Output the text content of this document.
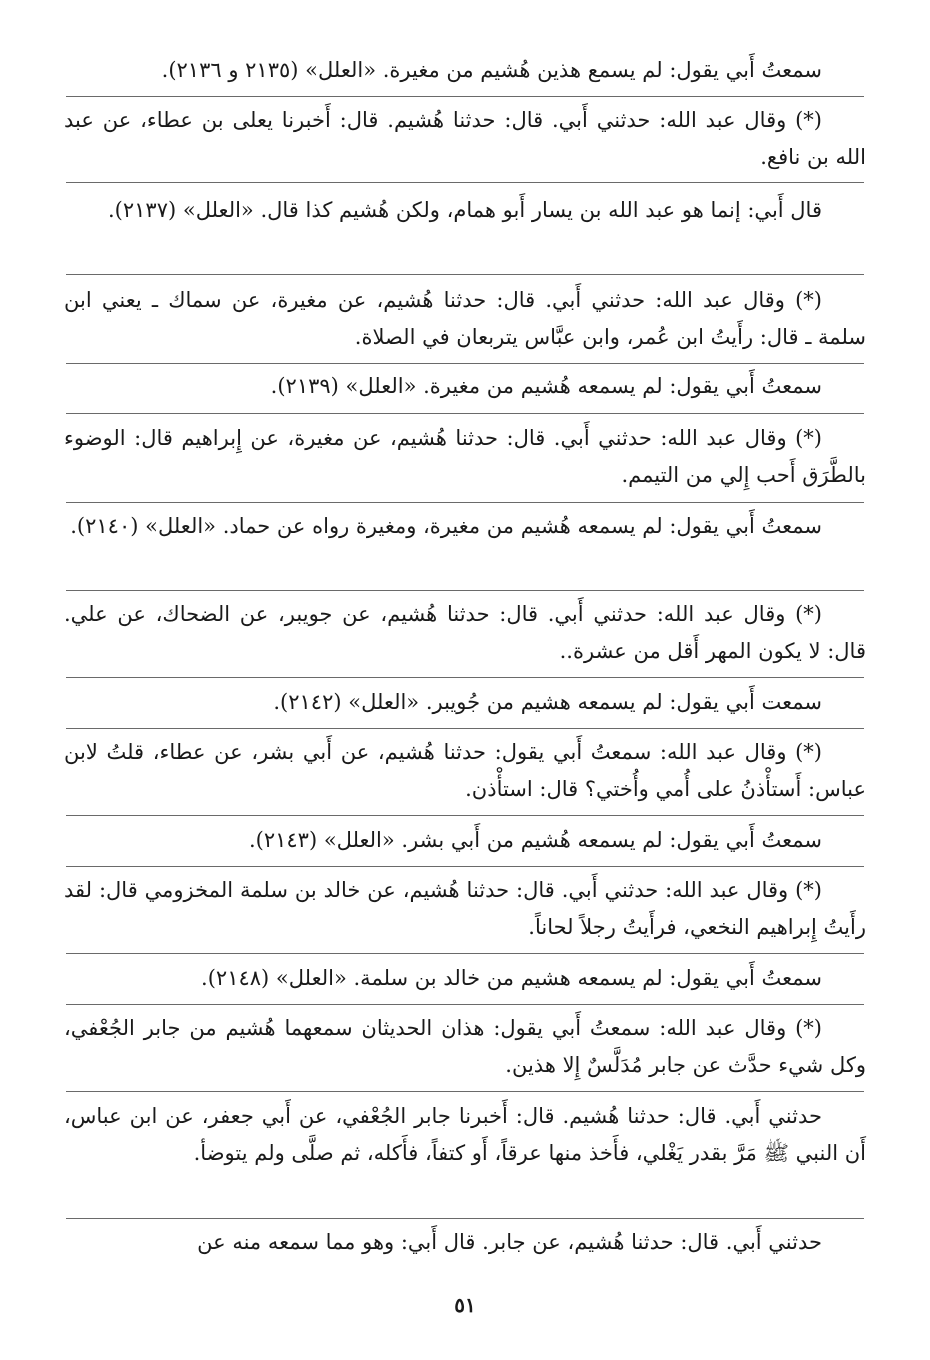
سمعتُ أَبي يقول: لم يسمع هذين هُشيم من مغيرة. «العلل» (٢١٣٥ و ٢١٣٦).

(*) وقال عبد الله: حدثني أَبي. قال: حدثنا هُشيم. قال: أَخبرنا يعلى بن عطاء، عن عبد الله بن نافع.

قال أَبي: إنما هو عبد الله بن يسار أَبو همام، ولكن هُشيم كذا قال. «العلل» (٢١٣٧).

(*) وقال عبد الله: حدثني أَبي. قال: حدثنا هُشيم، عن مغيرة، عن سماك ـ يعني ابن سلمة ـ قال: رأَيتُ ابن عُمر، وابن عبَّاس يتربعان في الصلاة.

سمعتُ أَبي يقول: لم يسمعه هُشيم من مغيرة. «العلل» (٢١٣٩).

(*) وقال عبد الله: حدثني أَبي. قال: حدثنا هُشيم، عن مغيرة، عن إِبراهيم قال: الوضوء بالطَّرَق أَحب إِلي من التيمم.

سمعتُ أَبي يقول: لم يسمعه هُشيم من مغيرة، ومغيرة رواه عن حماد. «العلل» (٢١٤٠).

(*) وقال عبد الله: حدثني أَبي. قال: حدثنا هُشيم، عن جويبر، عن الضحاك، عن علي. قال: لا يكون المهر أَقل من عشرة..

سمعت أَبي يقول: لم يسمعه هشيم من جُويبر. «العلل» (٢١٤٢).

(*) وقال عبد الله: سمعتُ أَبي يقول: حدثنا هُشيم، عن أَبي بشر، عن عطاء، قلتُ لابن عباس: أَستأْذنُ على أُمي وأُختي؟ قال: استأْذن.

سمعتُ أَبي يقول: لم يسمعه هُشيم من أَبي بشر. «العلل» (٢١٤٣).

(*) وقال عبد الله: حدثني أَبي. قال: حدثنا هُشيم، عن خالد بن سلمة المخزومي قال: لقد رأَيتُ إِبراهيم النخعي، فرأَيتُ رجلاً لحاناً.

سمعتُ أَبي يقول: لم يسمعه هشيم من خالد بن سلمة. «العلل» (٢١٤٨).

(*) وقال عبد الله: سمعتُ أَبي يقول: هذان الحديثان سمعهما هُشيم من جابر الجُعْفي، وكل شيء حدَّث عن جابر مُدَلَّسٌ إِلا هذين.

حدثني أَبي. قال: حدثنا هُشيم. قال: أَخبرنا جابر الجُعْفي، عن أَبي جعفر، عن ابن عباس، أَن النبي ﷺ مَرَّ بقدر يَغْلي، فأَخذ منها عرقاً، أَو كتفاً، فأَكله، ثم صلَّى ولم يتوضأ.

حدثني أَبي. قال: حدثنا هُشيم، عن جابر. قال أَبي: وهو مما سمعه منه عن

٥١
